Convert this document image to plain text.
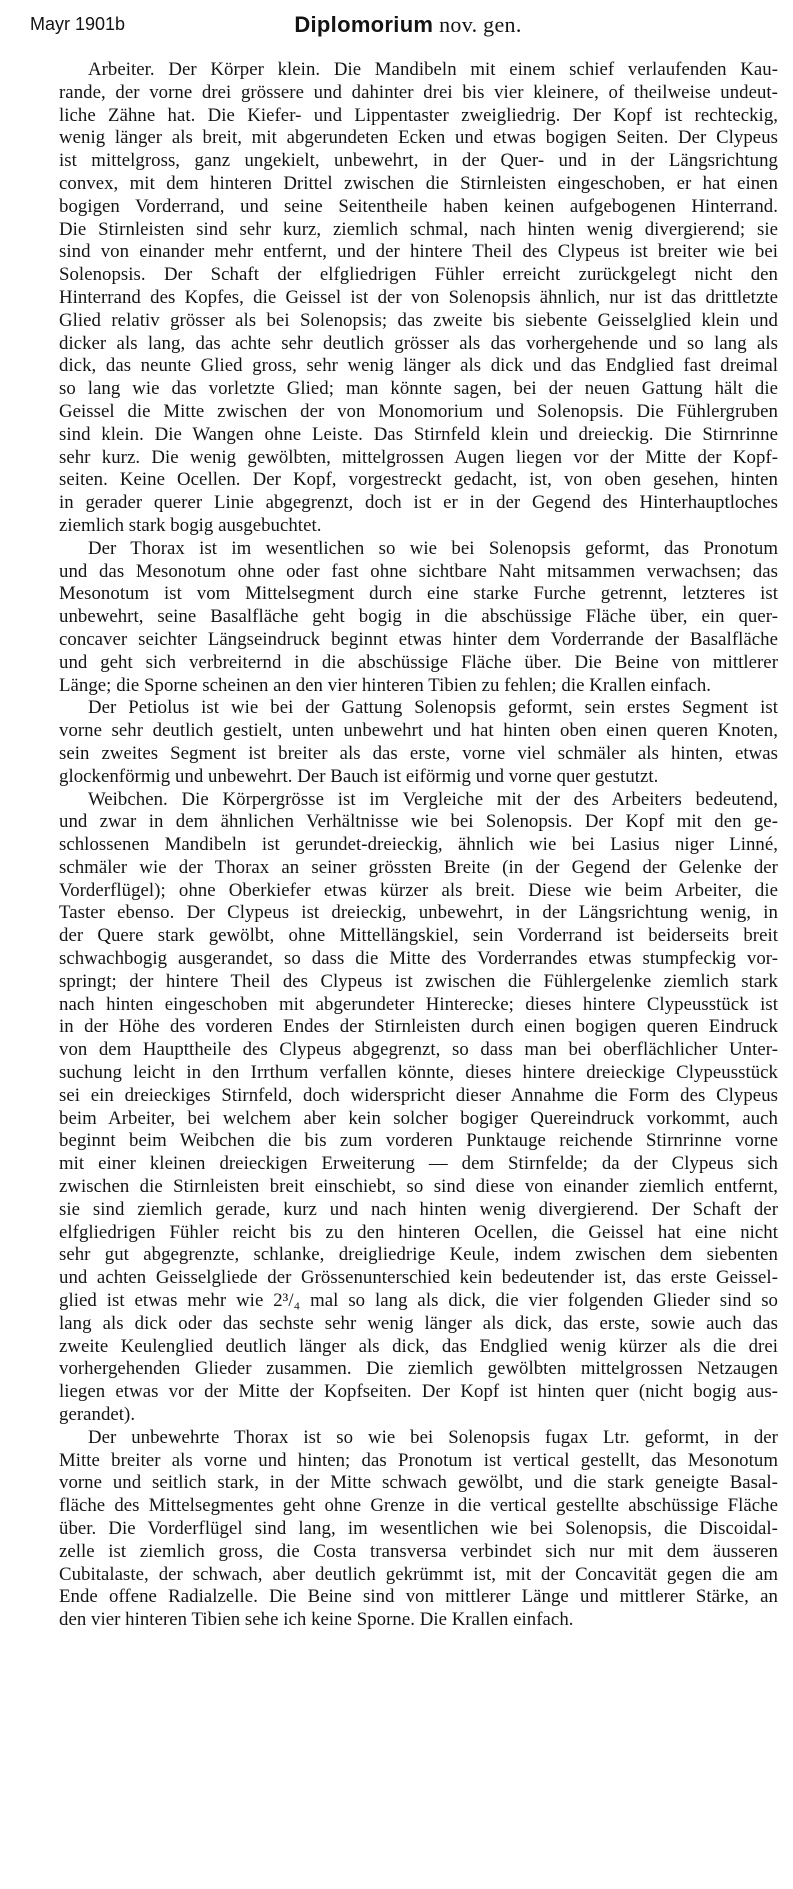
Mayr 1901b	Diplomorium nov. gen.

Arbeiter. Der Körper klein. Die Mandibeln mit einem schief verlaufenden Kau-
rande, der vorne drei grössere und dahinter drei bis vier kleinere, of theilweise undeut-
liche Zähne hat. Die Kiefer- und Lippentaster zweigliedrig. Der Kopf ist rechteckig,
wenig länger als breit, mit abgerundeten Ecken und etwas bogigen Seiten. Der Clypeus
ist mittelgross, ganz ungekielt, unbewehrt, in der Quer- und in der Längsrichtung
convex, mit dem hinteren Drittel zwischen die Stirnleisten eingeschoben, er hat einen
bogigen Vorderrand, und seine Seitentheile haben keinen aufgebogenen Hinterrand.
Die Stirnleisten sind sehr kurz, ziemlich schmal, nach hinten wenig divergierend; sie
sind von einander mehr entfernt, und der hintere Theil des Clypeus ist breiter wie bei
Solenopsis. Der Schaft der elfgliedrigen Fühler erreicht zurückgelegt nicht den
Hinterrand des Kopfes, die Geissel ist der von Solenopsis ähnlich, nur ist das drittletzte
Glied relativ grösser als bei Solenopsis; das zweite bis siebente Geisselglied klein und
dicker als lang, das achte sehr deutlich grösser als das vorhergehende und so lang als
dick, das neunte Glied gross, sehr wenig länger als dick und das Endglied fast dreimal
so lang wie das vorletzte Glied; man könnte sagen, bei der neuen Gattung hält die
Geissel die Mitte zwischen der von Monomorium und Solenopsis. Die Fühlergruben
sind klein. Die Wangen ohne Leiste. Das Stirnfeld klein und dreieckig. Die Stirnrinne
sehr kurz. Die wenig gewölbten, mittelgrossen Augen liegen vor der Mitte der Kopf-
seiten. Keine Ocellen. Der Kopf, vorgestreckt gedacht, ist, von oben gesehen, hinten
in gerader querer Linie abgegrenzt, doch ist er in der Gegend des Hinterhauptloches
ziemlich stark bogig ausgebuchtet.

Der Thorax ist im wesentlichen so wie bei Solenopsis geformt, das Pronotum
und das Mesonotum ohne oder fast ohne sichtbare Naht mitsammen verwachsen; das
Mesonotum ist vom Mittelsegment durch eine starke Furche getrennt, letzteres ist
unbewehrt, seine Basalfläche geht bogig in die abschüssige Fläche über, ein quer-
concaver seichter Längseindruck beginnt etwas hinter dem Vorderrande der Basalfläche
und geht sich verbreiternd in die abschüssige Fläche über. Die Beine von mittlerer
Länge; die Sporne scheinen an den vier hinteren Tibien zu fehlen; die Krallen einfach.

Der Petiolus ist wie bei der Gattung Solenopsis geformt, sein erstes Segment ist
vorne sehr deutlich gestielt, unten unbewehrt und hat hinten oben einen queren Knoten,
sein zweites Segment ist breiter als das erste, vorne viel schmäler als hinten, etwas
glockenförmig und unbewehrt. Der Bauch ist eiförmig und vorne quer gestutzt.

Weibchen. Die Körpergrösse ist im Vergleiche mit der des Arbeiters bedeutend,
und zwar in dem ähnlichen Verhältnisse wie bei Solenopsis. Der Kopf mit den ge-
schlossenen Mandibeln ist gerundet-dreieckig, ähnlich wie bei Lasius niger Linné,
schmäler wie der Thorax an seiner grössten Breite (in der Gegend der Gelenke der
Vorderflügel); ohne Oberkiefer etwas kürzer als breit. Diese wie beim Arbeiter, die
Taster ebenso. Der Clypeus ist dreieckig, unbewehrt, in der Längsrichtung wenig, in
der Quere stark gewölbt, ohne Mittellängskiel, sein Vorderrand ist beiderseits breit
schwachbogig ausgerandet, so dass die Mitte des Vorderrandes etwas stumpfeckig vor-
springt; der hintere Theil des Clypeus ist zwischen die Fühlergelenke ziemlich stark
nach hinten eingeschoben mit abgerundeter Hinterecke; dieses hintere Clypeusstück ist
in der Höhe des vorderen Endes der Stirnleisten durch einen bogigen queren Eindruck
von dem Haupttheile des Clypeus abgegrenzt, so dass man bei oberflächlicher Unter-
suchung leicht in den Irrthum verfallen könnte, dieses hintere dreieckige Clypeusstück
sei ein dreieckiges Stirnfeld, doch widerspricht dieser Annahme die Form des Clypeus
beim Arbeiter, bei welchem aber kein solcher bogiger Quereindruck vorkommt, auch
beginnt beim Weibchen die bis zum vorderen Punktauge reichende Stirnrinne vorne
mit einer kleinen dreieckigen Erweiterung — dem Stirnfelde; da der Clypeus sich
zwischen die Stirnleisten breit einschiebt, so sind diese von einander ziemlich entfernt,
sie sind ziemlich gerade, kurz und nach hinten wenig divergierend. Der Schaft der
elfgliedrigen Fühler reicht bis zu den hinteren Ocellen, die Geissel hat eine nicht
sehr gut abgegrenzte, schlanke, dreigliedrige Keule, indem zwischen dem siebenten
und achten Geisselgliede der Grössenunterschied kein bedeutender ist, das erste Geissel-
glied ist etwas mehr wie 2³/₄ mal so lang als dick, die vier folgenden Glieder sind so
lang als dick oder das sechste sehr wenig länger als dick, das erste, sowie auch das
zweite Keulenglied deutlich länger als dick, das Endglied wenig kürzer als die drei
vorhergehenden Glieder zusammen. Die ziemlich gewölbten mittelgrossen Netzaugen
liegen etwas vor der Mitte der Kopfseiten. Der Kopf ist hinten quer (nicht bogig aus-
gerandet).

Der unbewehrte Thorax ist so wie bei Solenopsis fugax Ltr. geformt, in der
Mitte breiter als vorne und hinten; das Pronotum ist vertical gestellt, das Mesonotum
vorne und seitlich stark, in der Mitte schwach gewölbt, und die stark geneigte Basal-
fläche des Mittelsegmentes geht ohne Grenze in die vertical gestellte abschüssige Fläche
über. Die Vorderflügel sind lang, im wesentlichen wie bei Solenopsis, die Discoidal-
zelle ist ziemlich gross, die Costa transversa verbindet sich nur mit dem äusseren
Cubitalaste, der schwach, aber deutlich gekrümmt ist, mit der Concavität gegen die am
Ende offene Radialzelle. Die Beine sind von mittlerer Länge und mittlerer Stärke, an
den vier hinteren Tibien sehe ich keine Sporne. Die Krallen einfach.
